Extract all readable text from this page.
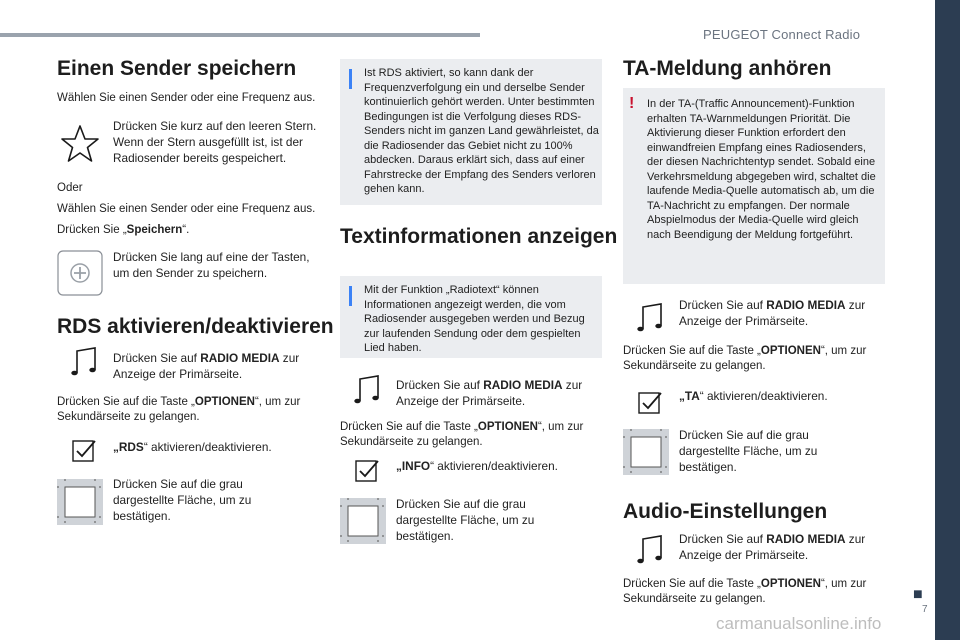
PEUGEOT Connect Radio
■
7
carmanualsonline.info
Einen Sender speichern
Wählen Sie einen Sender oder eine Frequenz aus.
Drücken Sie kurz auf den leeren Stern. Wenn der Stern ausgefüllt ist, ist der Radiosender bereits gespeichert.
Oder
Wählen Sie einen Sender oder eine Frequenz aus.
Drücken Sie „Speichern“.
Drücken Sie lang auf eine der Tasten, um den Sender zu speichern.
RDS aktivieren/deaktivieren
Drücken Sie auf RADIO MEDIA zur Anzeige der Primärseite.
Drücken Sie auf die Taste „OPTIONEN“, um zur Sekundärseite zu gelangen.
„RDS“ aktivieren/deaktivieren.
Drücken Sie auf die grau dargestellte Fläche, um zu bestätigen.
Ist RDS aktiviert, so kann dank der Frequenzverfolgung ein und derselbe Sender kontinuierlich gehört werden. Unter bestimmten Bedingungen ist die Verfolgung dieses RDS-Senders nicht im ganzen Land gewährleistet, da die Radiosender das Gebiet nicht zu 100% abdecken. Daraus erklärt sich, dass auf einer Fahrstrecke der Empfang des Senders verloren gehen kann.
Textinformationen anzeigen
Mit der Funktion „Radiotext“ können Informationen angezeigt werden, die vom Radiosender ausgegeben werden und Bezug zur laufenden Sendung oder dem gespielten Lied haben.
Drücken Sie auf RADIO MEDIA zur Anzeige der Primärseite.
Drücken Sie auf die Taste „OPTIONEN“, um zur Sekundärseite zu gelangen.
„INFO“ aktivieren/deaktivieren.
Drücken Sie auf die grau dargestellte Fläche, um zu bestätigen.
TA-Meldung anhören
! In der TA-(Traffic Announcement)-Funktion erhalten TA-Warnmeldungen Priorität. Die Aktivierung dieser Funktion erfordert den einwandfreien Empfang eines Radiosenders, der diesen Nachrichtentyp sendet. Sobald eine Verkehrsmeldung abgegeben wird, schaltet die laufende Media-Quelle automatisch ab, um die TA-Nachricht zu empfangen. Der normale Abspielmodus der Media-Quelle wird gleich nach Beendigung der Meldung fortgeführt.
Drücken Sie auf RADIO MEDIA zur Anzeige der Primärseite.
Drücken Sie auf die Taste „OPTIONEN“, um zur Sekundärseite zu gelangen.
„TA“ aktivieren/deaktivieren.
Drücken Sie auf die grau dargestellte Fläche, um zu bestätigen.
Audio-Einstellungen
Drücken Sie auf RADIO MEDIA zur Anzeige der Primärseite.
Drücken Sie auf die Taste „OPTIONEN“, um zur Sekundärseite zu gelangen.
